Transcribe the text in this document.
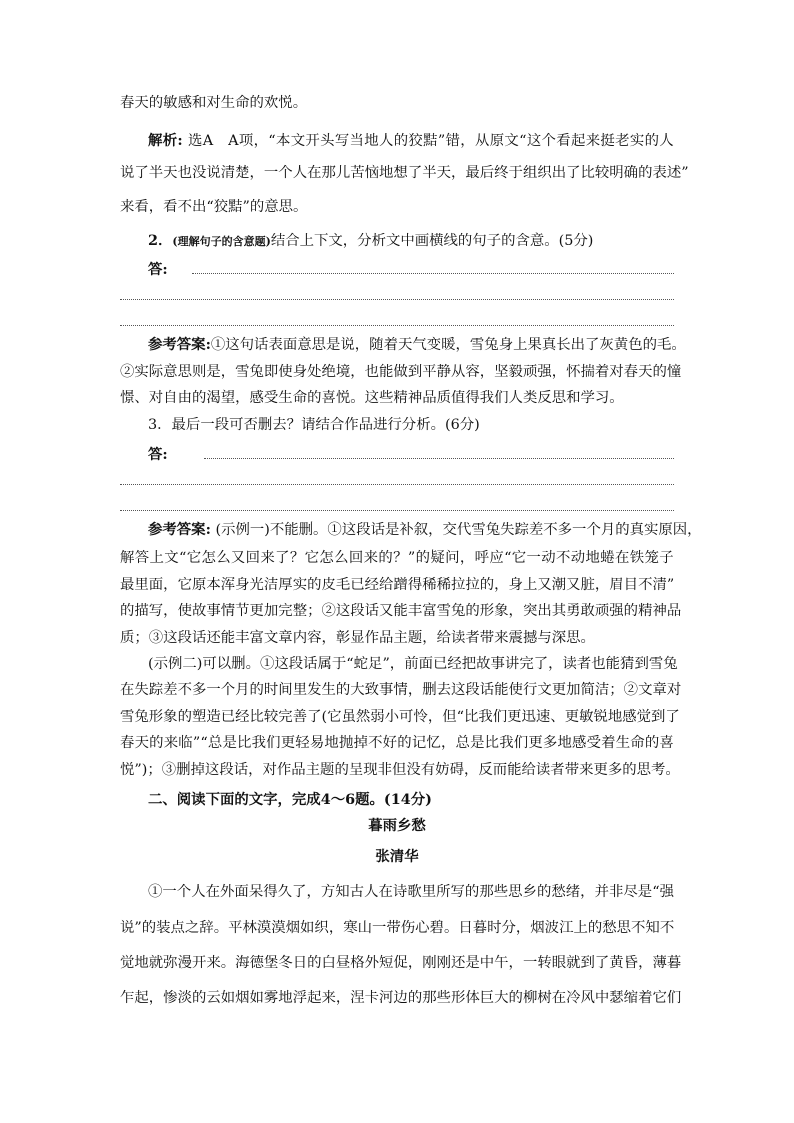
春天的敏感和对生命的欢悦。
解析: 选A　A项，“本文开头写当地人的狡黠”错，从原文“这个看起来挺老实的人
说了半天也没说清楚，一个人在那儿苦恼地想了半天，最后终于组织出了比较明确的表述”
来看，看不出“狡黠”的意思。
2．(理解句子的含意题)结合上下文，分析文中画横线的句子的含意。(5分)
答:
参考答案:①这句话表面意思是说，随着天气变暖，雪兔身上果真长出了灰黄色的毛。
②实际意思则是，雪兔即使身处绝境，也能做到平静从容，坚毅顽强，怀揣着对春天的憧
憬、对自由的渴望，感受生命的喜悦。这些精神品质值得我们人类反思和学习。
3．最后一段可否删去？请结合作品进行分析。(6分)
答:
参考答案: (示例一)不能删。①这段话是补叙，交代雪兔失踪差不多一个月的真实原因，
解答上文“它怎么又回来了？它怎么回来的？”的疑问，呼应“它一动不动地蜷在铁笼子
最里面，它原本浑身光洁厚实的皮毛已经给蹭得稀稀拉拉的，身上又潮又脏，眉目不清”
的描写，使故事情节更加完整；②这段话又能丰富雪兔的形象，突出其勇敢顽强的精神品
质；③这段话还能丰富文章内容，彰显作品主题，给读者带来震撼与深思。
(示例二)可以删。①这段话属于“蛇足”，前面已经把故事讲完了，读者也能猜到雪兔
在失踪差不多一个月的时间里发生的大致事情，删去这段话能使行文更加简洁；②文章对
雪兔形象的塑造已经比较完善了(它虽然弱小可怜，但“比我们更迅速、更敏锐地感觉到了
春天的来临”“总是比我们更轻易地抛掉不好的记忆，总是比我们更多地感受着生命的喜
悦”)；③删掉这段话，对作品主题的呈现非但没有妨碍，反而能给读者带来更多的思考。
二、阅读下面的文字，完成4～6题。(14分)
暮雨乡愁
张清华
①一个人在外面呆得久了，方知古人在诗歌里所写的那些思乡的愁绪，并非尽是“强
说”的装点之辞。平林漠漠烟如织，寒山一带伤心碧。日暮时分，烟波江上的愁思不知不
觉地就弥漫开来。海德堡冬日的白昼格外短促，刚刚还是中午，一转眼就到了黄昏，薄暮
乍起，惨淡的云如烟如雾地浮起来，涅卡河边的那些形体巨大的柳树在冷风中瑟缩着它们
